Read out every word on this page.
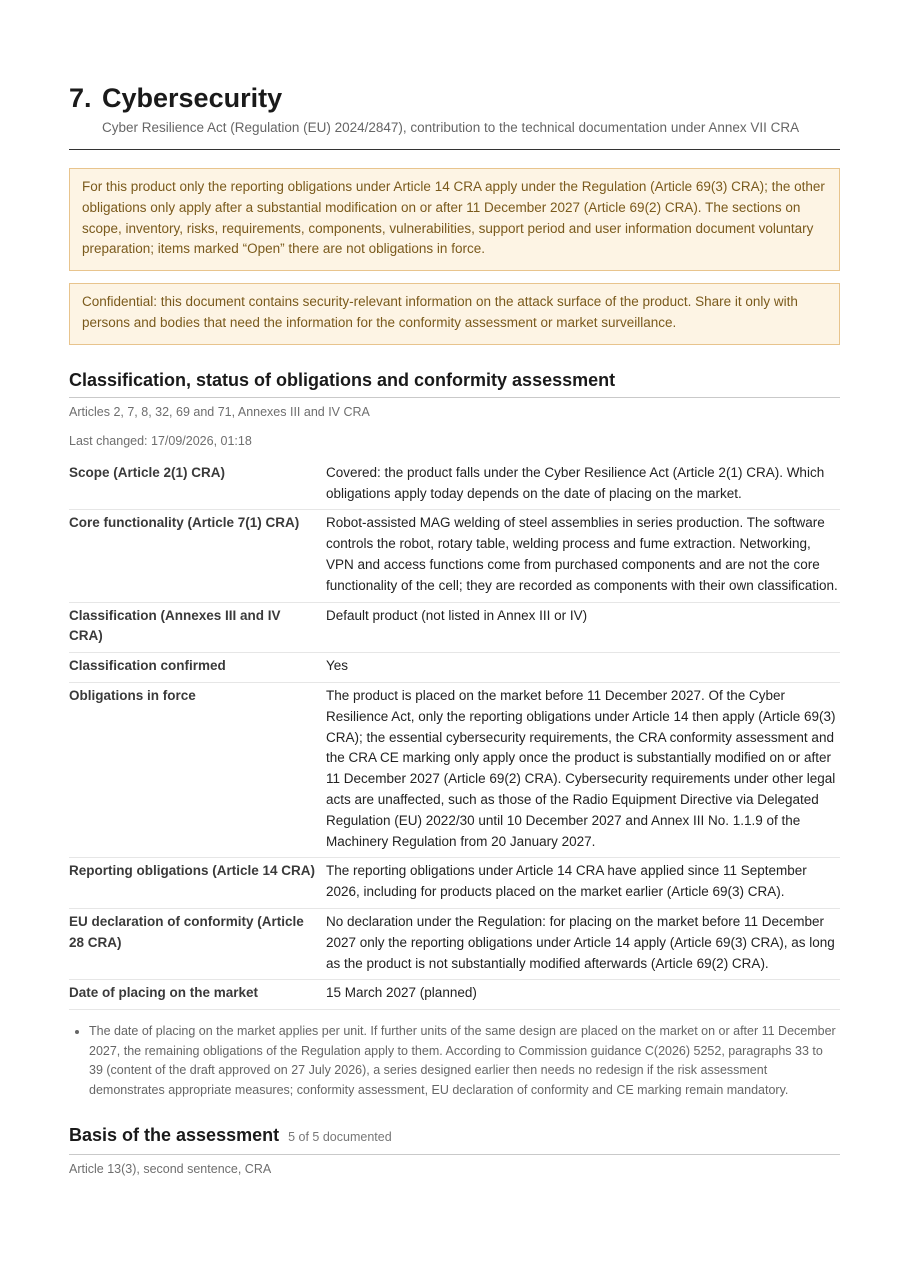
7. Cybersecurity
Cyber Resilience Act (Regulation (EU) 2024/2847), contribution to the technical documentation under Annex VII CRA
For this product only the reporting obligations under Article 14 CRA apply under the Regulation (Article 69(3) CRA); the other obligations only apply after a substantial modification on or after 11 December 2027 (Article 69(2) CRA). The sections on scope, inventory, risks, requirements, components, vulnerabilities, support period and user information document voluntary preparation; items marked “Open” there are not obligations in force.
Confidential: this document contains security-relevant information on the attack surface of the product. Share it only with persons and bodies that need the information for the conformity assessment or market surveillance.
Classification, status of obligations and conformity assessment
Articles 2, 7, 8, 32, 69 and 71, Annexes III and IV CRA
Last changed: 17/09/2026, 01:18
Scope (Article 2(1) CRA)	Covered: the product falls under the Cyber Resilience Act (Article 2(1) CRA). Which obligations apply today depends on the date of placing on the market.
Core functionality (Article 7(1) CRA)	Robot-assisted MAG welding of steel assemblies in series production. The software controls the robot, rotary table, welding process and fume extraction. Networking, VPN and access functions come from purchased components and are not the core functionality of the cell; they are recorded as components with their own classification.
Classification (Annexes III and IV CRA)	Default product (not listed in Annex III or IV)
Classification confirmed	Yes
Obligations in force	The product is placed on the market before 11 December 2027. Of the Cyber Resilience Act, only the reporting obligations under Article 14 then apply (Article 69(3) CRA); the essential cybersecurity requirements, the CRA conformity assessment and the CRA CE marking only apply once the product is substantially modified on or after 11 December 2027 (Article 69(2) CRA). Cybersecurity requirements under other legal acts are unaffected, such as those of the Radio Equipment Directive via Delegated Regulation (EU) 2022/30 until 10 December 2027 and Annex III No. 1.1.9 of the Machinery Regulation from 20 January 2027.
Reporting obligations (Article 14 CRA)	The reporting obligations under Article 14 CRA have applied since 11 September 2026, including for products placed on the market earlier (Article 69(3) CRA).
EU declaration of conformity (Article 28 CRA)	No declaration under the Regulation: for placing on the market before 11 December 2027 only the reporting obligations under Article 14 apply (Article 69(3) CRA), as long as the product is not substantially modified afterwards (Article 69(2) CRA).
Date of placing on the market	15 March 2027 (planned)
• The date of placing on the market applies per unit. If further units of the same design are placed on the market on or after 11 December 2027, the remaining obligations of the Regulation apply to them. According to Commission guidance C(2026) 5252, paragraphs 33 to 39 (content of the draft approved on 27 July 2026), a series designed earlier then needs no redesign if the risk assessment demonstrates appropriate measures; conformity assessment, EU declaration of conformity and CE marking remain mandatory.
Basis of the assessment 5 of 5 documented
Article 13(3), second sentence, CRA
